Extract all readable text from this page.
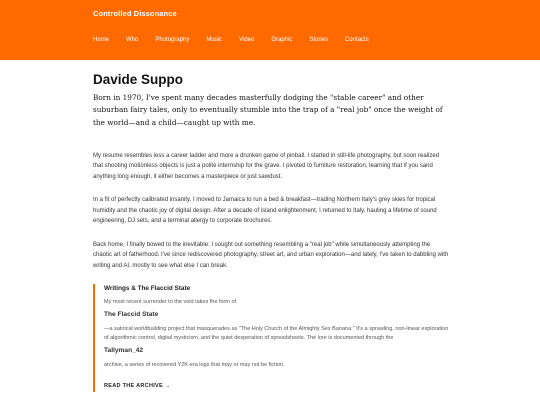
Controlled Dissonance
Home	Who	Photography	Music	Video	Graphic	Stories	Contacts
Davide Suppo

Born in 1970, I've spent many decades masterfully dodging the "stable career" and other suburban fairy tales, only to eventually stumble into the trap of a "real job" once the weight of the world—and a child—caught up with me.

My resume resembles less a career ladder and more a drunken game of pinball. I started in still-life photography, but soon realized that shooting motionless objects is just a polite internship for the grave. I pivoted to furniture restoration, learning that if you sand anything long enough, it either becomes a masterpiece or just sawdust.

In a fit of perfectly calibrated insanity, I moved to Jamaica to run a bed & breakfast—trading Northern Italy's grey skies for tropical humidity and the chaotic joy of digital design. After a decade of island enlightenment, I returned to Italy, hauling a lifetime of sound engineering, DJ sets, and a terminal allergy to corporate brochures.

Back home, I finally bowed to the inevitable: I sought out something resembling a "real job" while simultaneously attempting the chaotic art of fatherhood. I've since rediscovered photography, street art, and urban exploration—and lately, I've taken to dabbling with writing and AI, mostly to see what else I can break.

Writings & The Flaccid State
My most recent surrender to the void takes the form of
The Flaccid State
—a satirical worldbuilding project that masquerades as "The Holy Church of the Almighty Sex Banana." It's a sprawling, non-linear exploration of algorithmic control, digital mysticism, and the quiet desperation of spreadsheets. The lore is documented through the
Tallyman_42
archive, a series of recovered Y2K-era logs that may or may not be fiction.
READ THE ARCHIVE →
